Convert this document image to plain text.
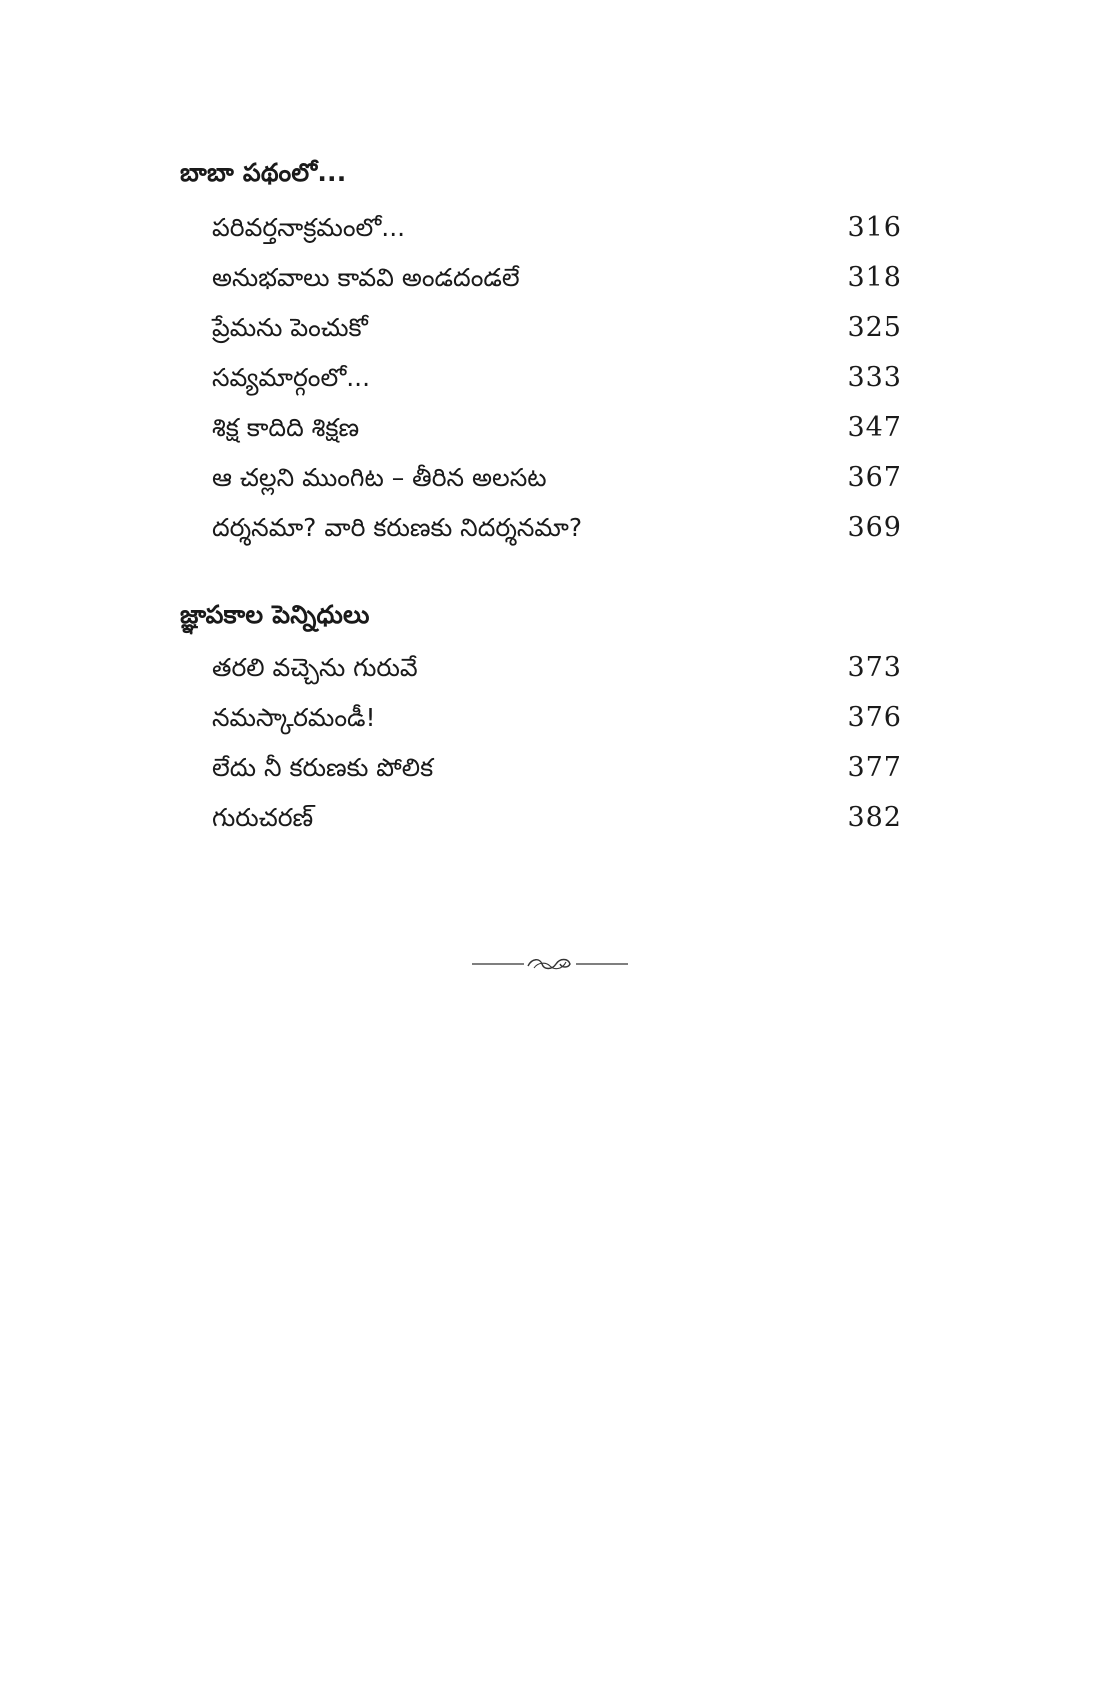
బాబా పథంలో...
పరివర్తనాక్రమంలో...	316
అనుభవాలు కావవి అండదండలే	318
ప్రేమను పెంచుకో	325
సవ్యమార్గంలో...	333
శిక్ష కాదిది శిక్షణ	347
ఆ చల్లని ముంగిట – తీరిన అలసట	367
దర్శనమా? వారి కరుణకు నిదర్శనమా?	369
జ్ఞాపకాల పెన్నిధులు
తరలి వచ్చెను గురువే	373
నమస్కారమండీ!	376
లేదు నీ కరుణకు పోలిక	377
గురుచరణ్	382
